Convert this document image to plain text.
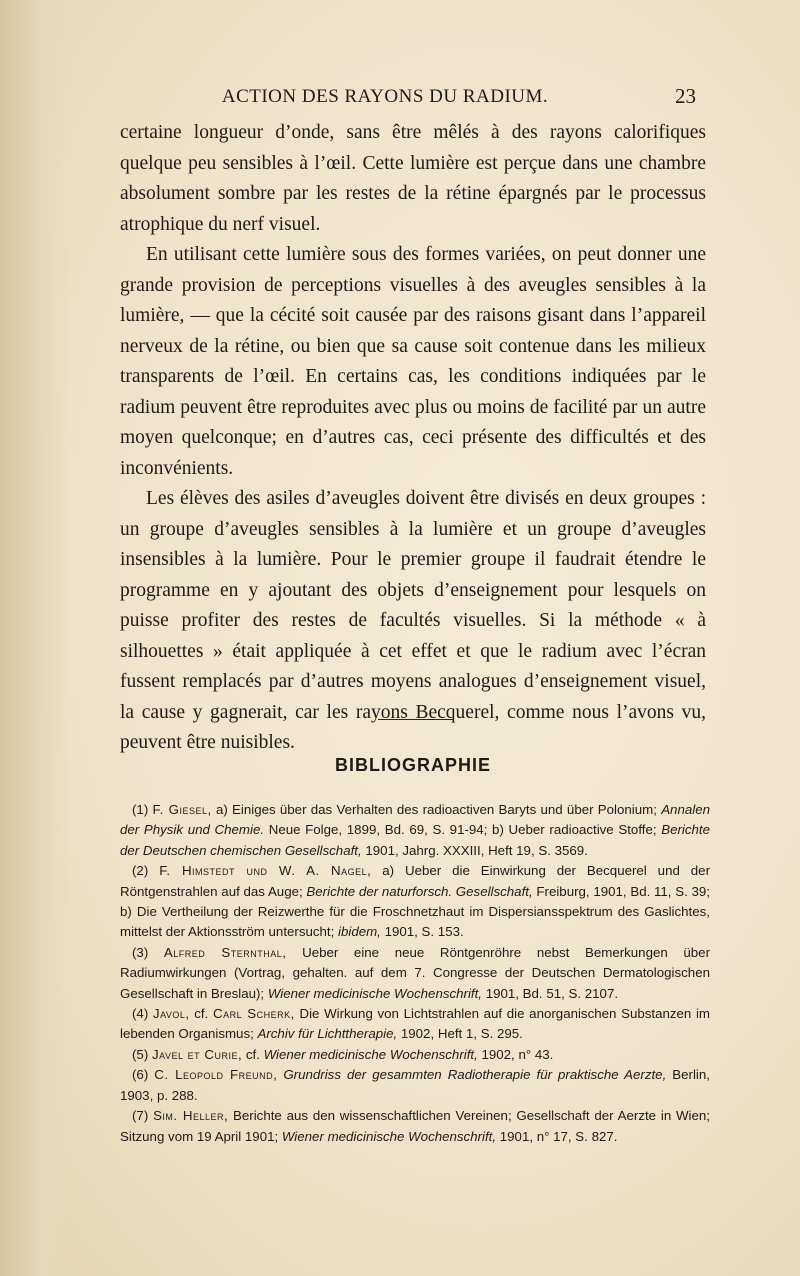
ACTION DES RAYONS DU RADIUM.	23

certaine longueur d’onde, sans être mêlés à des rayons calorifiques quelque peu sensibles à l’œil. Cette lumière est perçue dans une chambre absolument sombre par les restes de la rétine épargnés par le processus atrophique du nerf visuel.

En utilisant cette lumière sous des formes variées, on peut donner une grande provision de perceptions visuelles à des aveugles sensibles à la lumière, — que la cécité soit causée par des raisons gisant dans l’appareil nerveux de la rétine, ou bien que sa cause soit contenue dans les milieux transparents de l’œil. En certains cas, les conditions indiquées par le radium peuvent être reproduites avec plus ou moins de facilité par un autre moyen quelconque; en d’autres cas, ceci présente des difficultés et des inconvénients.

Les élèves des asiles d’aveugles doivent être divisés en deux groupes : un groupe d’aveugles sensibles à la lumière et un groupe d’aveugles insensibles à la lumière. Pour le premier groupe il faudrait étendre le programme en y ajoutant des objets d’enseignement pour lesquels on puisse profiter des restes de facultés visuelles. Si la méthode « à silhouettes » était appliquée à cet effet et que le radium avec l’écran fussent remplacés par d’autres moyens analogues d’enseignement visuel, la cause y gagnerait, car les rayons Becquerel, comme nous l’avons vu, peuvent être nuisibles.

BIBLIOGRAPHIE

(1) F. Giesel, a) Einiges über das Verhalten des radioactiven Baryts und über Polonium; Annalen der Physik und Chemie. Neue Folge, 1899, Bd. 69, S. 91-94; b) Ueber radioactive Stoffe; Berichte der Deutschen chemischen Gesellschaft, 1901, Jahrg. XXXIII, Heft 19, S. 3569.

(2) F. Himstedt und W. A. Nagel, a) Ueber die Einwirkung der Becquerel und der Röntgenstrahlen auf das Auge; Berichte der naturforsch. Gesellschaft, Freiburg, 1901, Bd. 11, S. 39; b) Die Vertheilung der Reizwerthe für die Froschnetzhaut im Dispersiansspektrum des Gaslichtes, mittelst der Aktionsström untersucht; ibidem, 1901, S. 153.

(3) Alfred Sternthal, Ueber eine neue Röntgenröhre nebst Bemerkungen über Radiumwirkungen (Vortrag, gehalten. auf dem 7. Congresse der Deutschen Dermatologischen Gesellschaft in Breslau); Wiener medicinische Wochenschrift, 1901, Bd. 51, S. 2107.

(4) Javol, cf. Carl Scherk, Die Wirkung von Lichtstrahlen auf die anorganischen Substanzen im lebenden Organismus; Archiv für Lichttherapie, 1902, Heft 1, S. 295.

(5) Javel et Curie, cf. Wiener medicinische Wochenschrift, 1902, n° 43.

(6) C. Leopold Freund, Grundriss der gesammten Radiotherapie für praktische Aerzte, Berlin, 1903, p. 288.

(7) Sim. Heller, Berichte aus den wissenschaftlichen Vereinen; Gesellschaft der Aerzte in Wien; Sitzung vom 19 April 1901; Wiener medicinische Wochenschrift, 1901, n° 17, S. 827.
